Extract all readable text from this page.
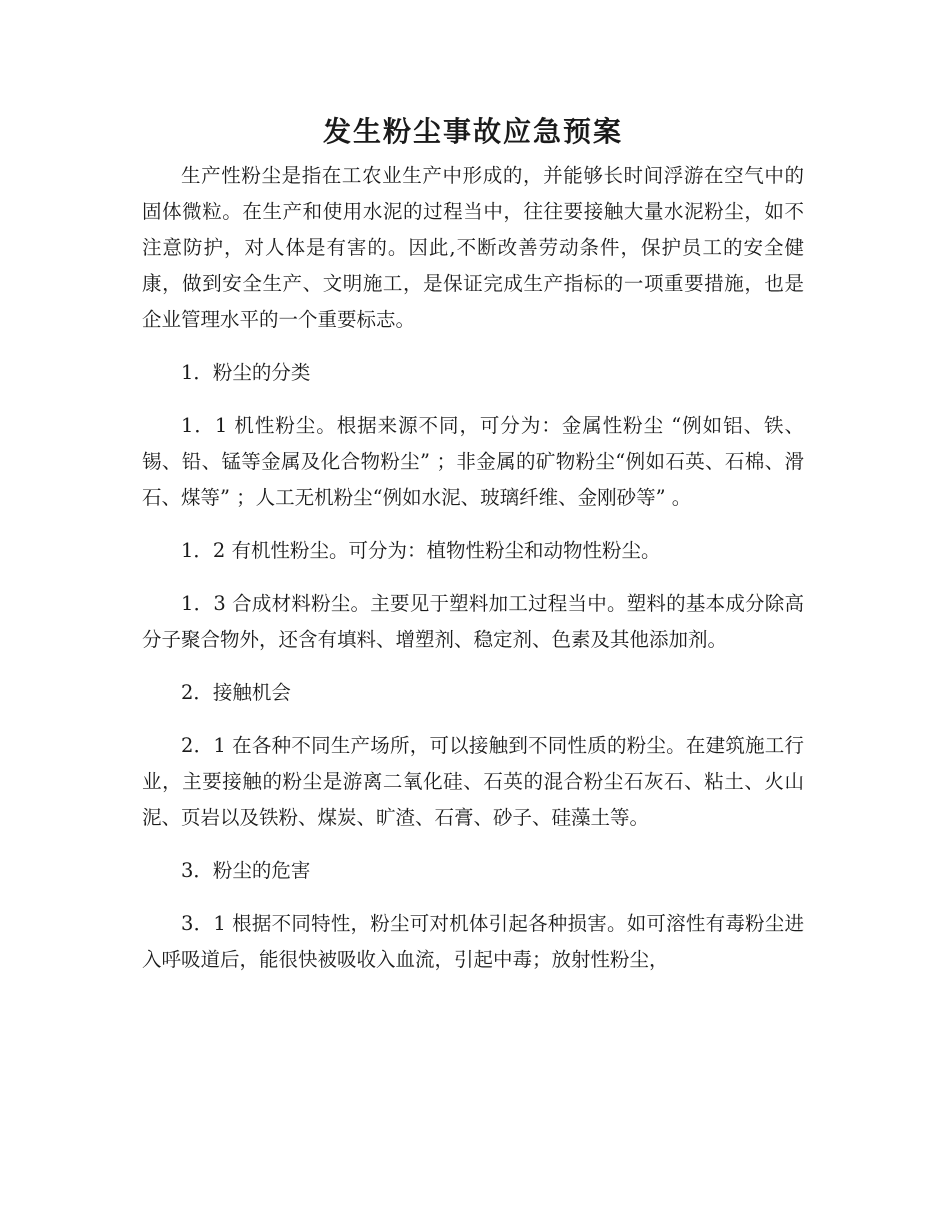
发生粉尘事故应急预案

生产性粉尘是指在工农业生产中形成的，并能够长时间浮游在空气中的固体微粒。在生产和使用水泥的过程当中，往往要接触大量水泥粉尘，如不注意防护，对人体是有害的。因此,不断改善劳动条件，保护员工的安全健康，做到安全生产、文明施工，是保证完成生产指标的一项重要措施，也是企业管理水平的一个重要标志。

1．粉尘的分类

1．1 机性粉尘。根据来源不同，可分为：金属性粉尘 “例如铝、铁、锡、铅、锰等金属及化合物粉尘” ；非金属的矿物粉尘“例如石英、石棉、滑石、煤等” ；人工无机粉尘“例如水泥、玻璃纤维、金刚砂等” 。

1．2 有机性粉尘。可分为：植物性粉尘和动物性粉尘。

1．3 合成材料粉尘。主要见于塑料加工过程当中。塑料的基本成分除高分子聚合物外，还含有填料、增塑剂、稳定剂、色素及其他添加剂。

2．接触机会

2．1 在各种不同生产场所，可以接触到不同性质的粉尘。在建筑施工行业，主要接触的粉尘是游离二氧化硅、石英的混合粉尘石灰石、粘土、火山泥、页岩以及铁粉、煤炭、旷渣、石膏、砂子、硅藻土等。

3．粉尘的危害

3．1 根据不同特性，粉尘可对机体引起各种损害。如可溶性有毒粉尘进入呼吸道后，能很快被吸收入血流，引起中毒；放射性粉尘，
